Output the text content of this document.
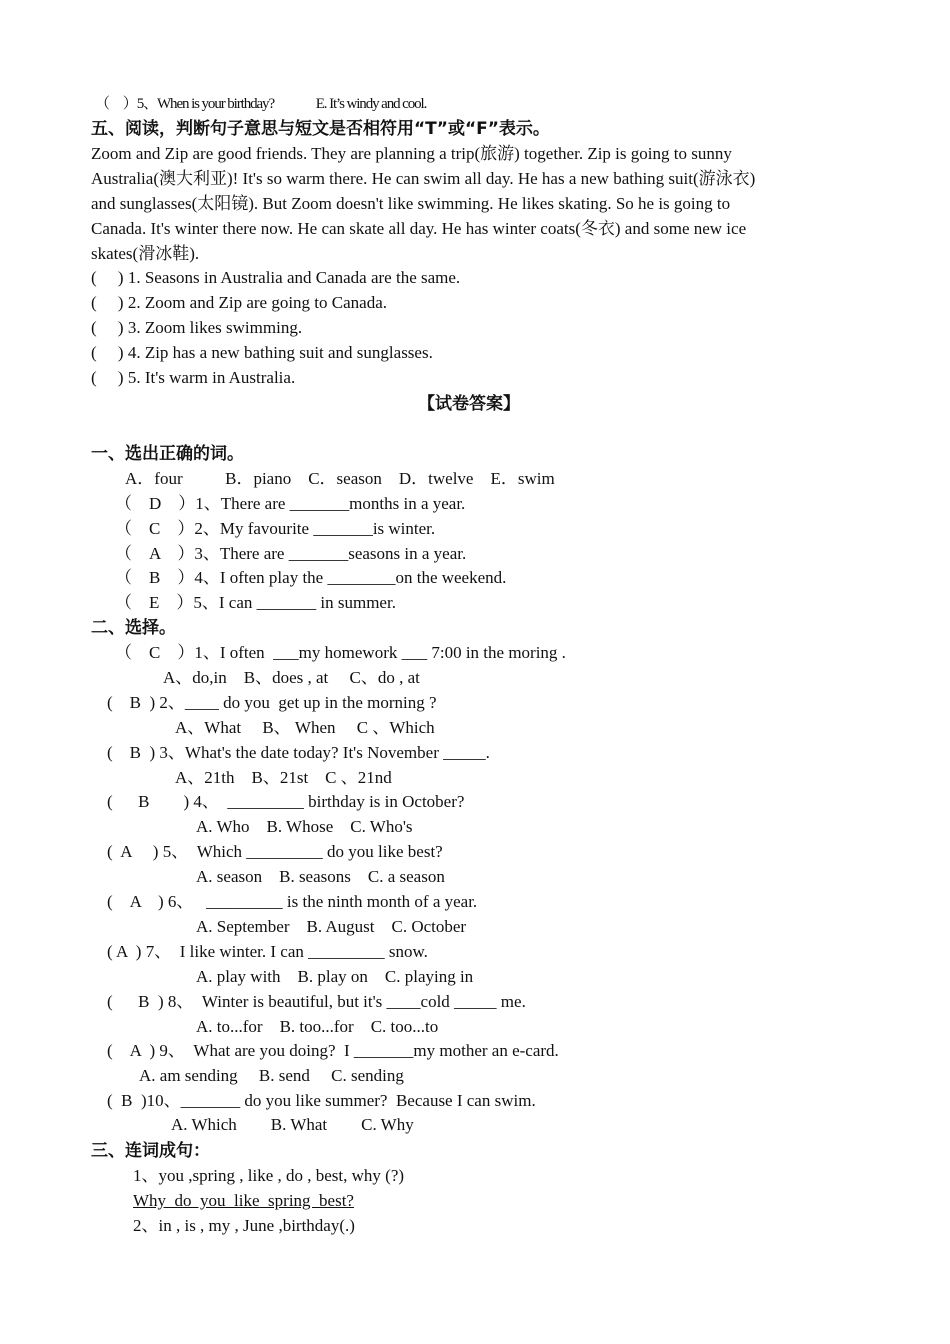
（　）5、When is your birthday?　　　E. It’s windy and cool.
五、阅读，判断句子意思与短文是否相符用“T”或“F”表示。
Zoom and Zip are good friends. They are planning a trip(旅游) together. Zip is going to sunny
Australia(澳大利亚)! It's so warm there. He can swim all day. He has a new bathing suit(游泳衣)
and sunglasses(太阳镜). But Zoom doesn't like swimming. He likes skating. So he is going to
Canada. It's winter there now. He can skate all day. He has winter coats(冬衣) and some new ice
skates(滑冰鞋).
(　 ) 1. Seasons in Australia and Canada are the same.
(　 ) 2. Zoom and Zip are going to Canada.
(　 ) 3. Zoom likes swimming.
(　 ) 4. Zip has a new bathing suit and sunglasses.
(　 ) 5. It's warm in Australia.
【试卷答案】
一、选出正确的词。
A．four　　  B．piano　C．season　D．twelve　E．swim
（　D　）1、There are _______months in a year.
（　C　）2、My favourite _______is winter.
（　A　）3、There are _______seasons in a year.
（　B　）4、I often play the ________on the weekend.
（　E　）5、I can _______ in summer.
二、选择。
（　C　）1、I often  ___my homework ___ 7:00 in the moring .
A、do,in　B、does , at　 C、do , at
(　B  ) 2、____ do you  get up in the morning ?
A、What　 B、 When　 C 、Which
(　B  ) 3、What's the date today? It's November _____.
A、21th　B、21st　C 、21nd
(　  B　　) 4、　_________ birthday is in October?
A. Who　B. Whose　C. Who's
(  A　 ) 5、　Which _________ do you like best?
A. season　B. seasons　C. a season
(　A　) 6、　 _________ is the ninth month of a year.
A. September　B. August　C. October
( A  ) 7、　I like winter. I can _________ snow.
A. play with　B. play on　C. playing in
(　  B  ) 8、　Winter is beautiful, but it's ____cold _____ me.
A. to...for　B. too...for　C. too...to
(　A  ) 9、　What are you doing?  I _______my mother an e-card.
A. am sending　 B. send　 C. sending
(  B  )10、_______ do you like summer?  Because I can swim.
A. Which　　B. What　　C. Why
三、连词成句：
1、you ,spring , like , do , best, why (?)
Why  do  you  like  spring  best?
2、in , is , my , June ,birthday(.)
